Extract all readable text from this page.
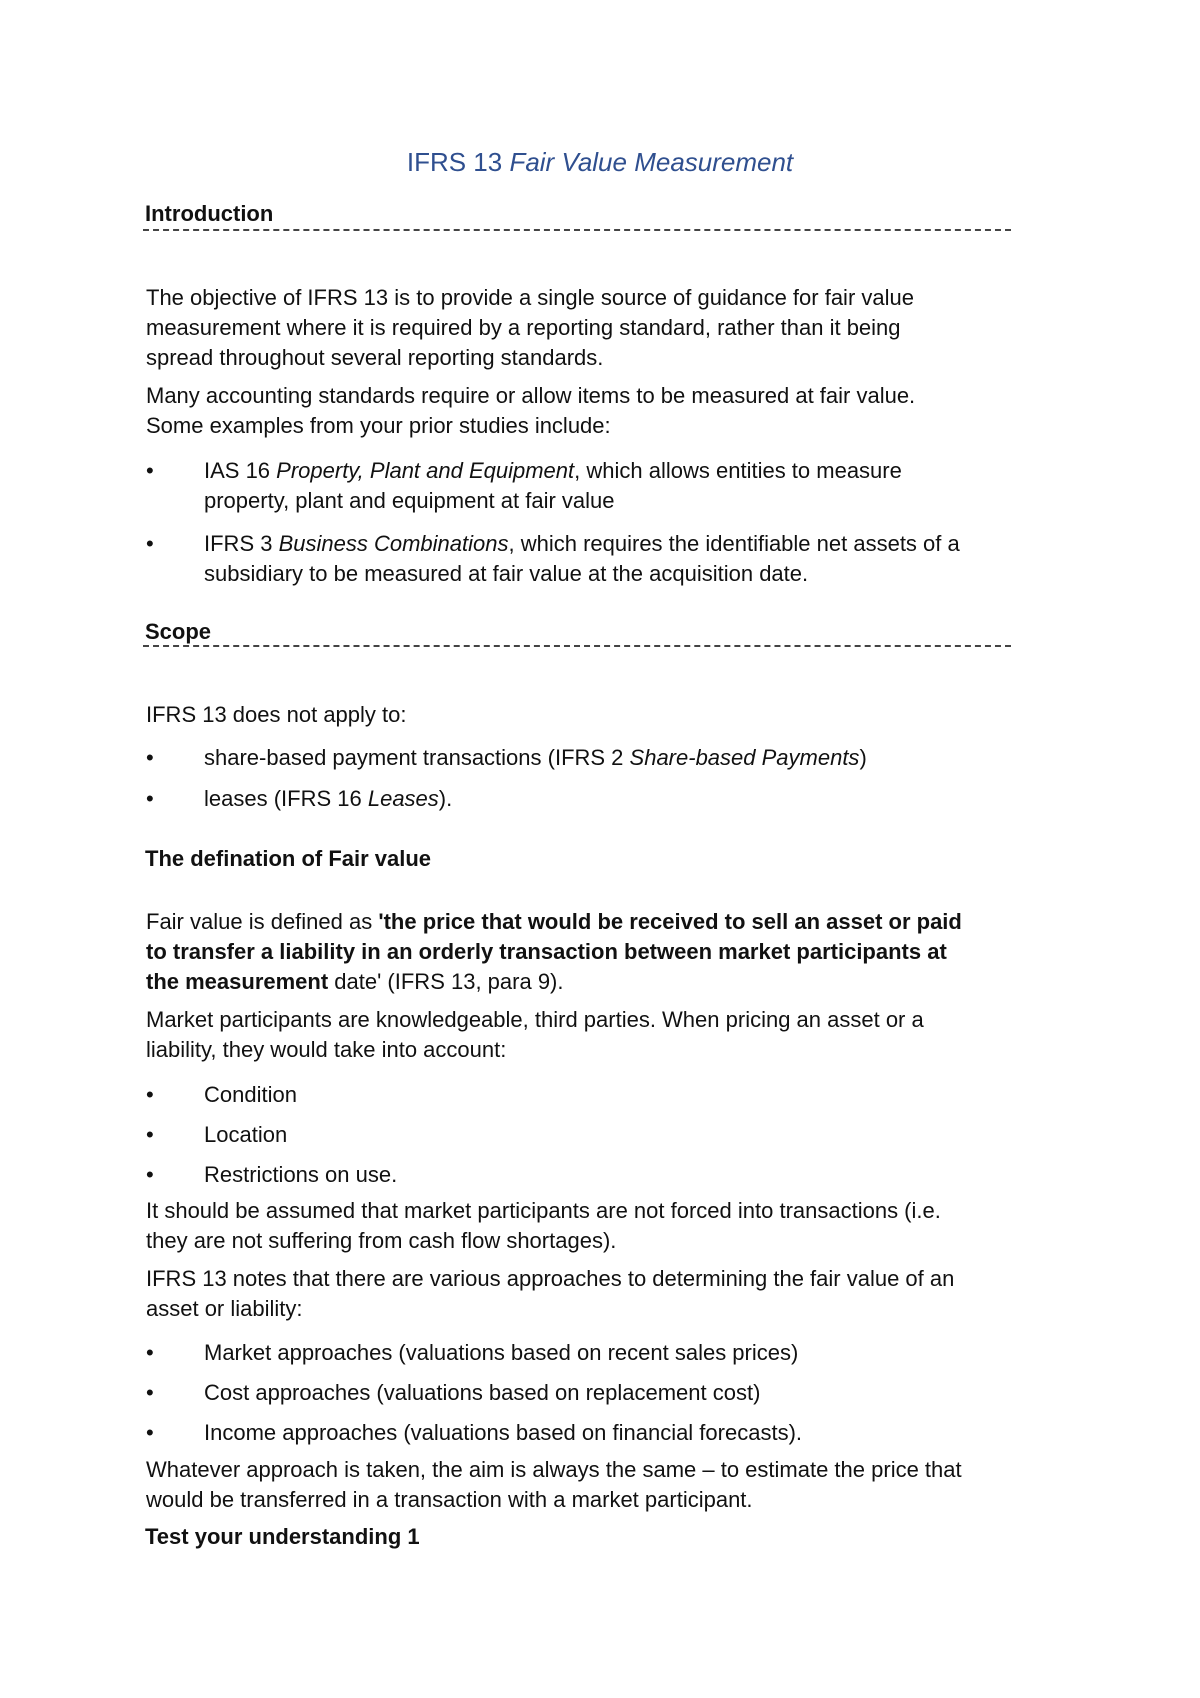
IFRS 13 Fair Value Measurement
Introduction
The objective of IFRS 13 is to provide a single source of guidance for fair value
measurement where it is required by a reporting standard, rather than it being
spread throughout several reporting standards.
Many accounting standards require or allow items to be measured at fair value.
Some examples from your prior studies include:
• IAS 16 Property, Plant and Equipment, which allows entities to measure
property, plant and equipment at fair value
• IFRS 3 Business Combinations, which requires the identifiable net assets of a
subsidiary to be measured at fair value at the acquisition date.
Scope
IFRS 13 does not apply to:
• share-based payment transactions (IFRS 2 Share-based Payments)
• leases (IFRS 16 Leases).
The defination of Fair value
Fair value is defined as 'the price that would be received to sell an asset or paid
to transfer a liability in an orderly transaction between market participants at
the measurement date' (IFRS 13, para 9).
Market participants are knowledgeable, third parties. When pricing an asset or a
liability, they would take into account:
• Condition
• Location
• Restrictions on use.
It should be assumed that market participants are not forced into transactions (i.e.
they are not suffering from cash flow shortages).
IFRS 13 notes that there are various approaches to determining the fair value of an
asset or liability:
• Market approaches (valuations based on recent sales prices)
• Cost approaches (valuations based on replacement cost)
• Income approaches (valuations based on financial forecasts).
Whatever approach is taken, the aim is always the same – to estimate the price that
would be transferred in a transaction with a market participant.
Test your understanding 1
